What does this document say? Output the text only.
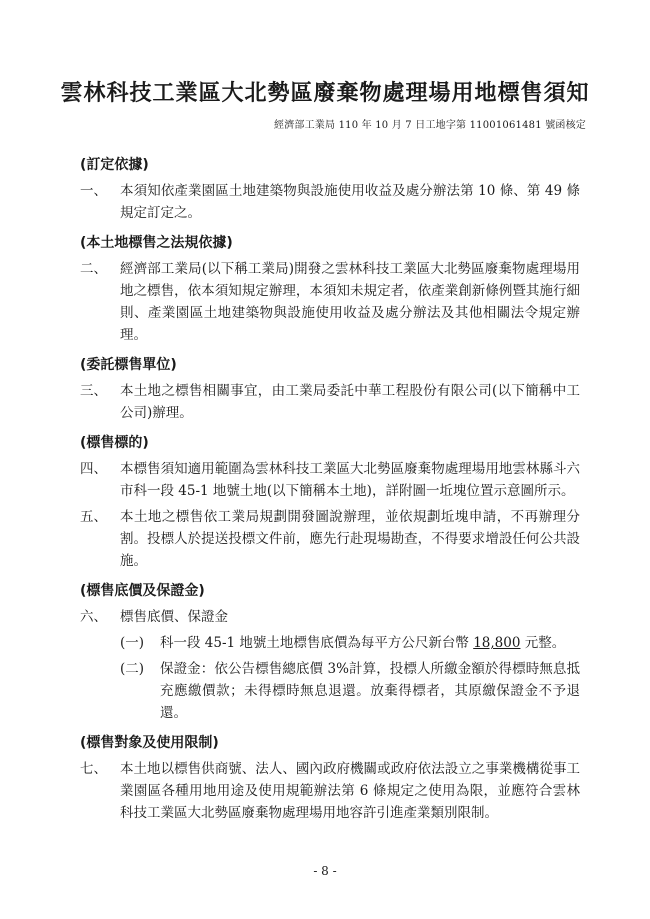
雲林科技工業區大北勢區廢棄物處理場用地標售須知
經濟部工業局 110 年 10 月 7 日工地字第 11001061481 號函核定
(訂定依據)
一、 本須知依產業園區土地建築物與設施使用收益及處分辦法第 10 條、第 49 條規定訂定之。
(本土地標售之法規依據)
二、 經濟部工業局(以下稱工業局)開發之雲林科技工業區大北勢區廢棄物處理場用地之標售，依本須知規定辦理，本須知未規定者，依產業創新條例暨其施行細則、產業園區土地建築物與設施使用收益及處分辦法及其他相關法令規定辦理。
(委託標售單位)
三、 本土地之標售相關事宜，由工業局委託中華工程股份有限公司(以下簡稱中工公司)辦理。
(標售標的)
四、 本標售須知適用範圍為雲林科技工業區大北勢區廢棄物處理場用地雲林縣斗六市科一段 45-1 地號土地(以下簡稱本土地)，詳附圖一坵塊位置示意圖所示。
五、 本土地之標售依工業局規劃開發圖說辦理，並依規劃坵塊申請，不再辦理分割。投標人於提送投標文件前，應先行赴現場勘查，不得要求增設任何公共設施。
(標售底價及保證金)
六、 標售底價、保證金
(一)	科一段 45-1 地號土地標售底價為每平方公尺新台幣 18,800 元整。
(二)	保證金：依公告標售總底價 3%計算，投標人所繳金額於得標時無息抵充應繳價款；未得標時無息退還。放棄得標者，其原繳保證金不予退還。
(標售對象及使用限制)
七、 本土地以標售供商號、法人、國內政府機關或政府依法設立之事業機構從事工業園區各種用地用途及使用規範辦法第 6 條規定之使用為限，並應符合雲林科技工業區大北勢區廢棄物處理場用地容許引進產業類別限制。
- 8 -
